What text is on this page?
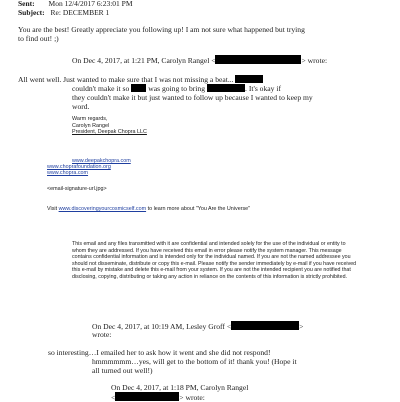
Sent: Mon 12/4/2017 6:23:01 PM
Subject: Re: DECEMBER 1
You are the best! Greatly appreciate you following up! I am not sure what happened but trying
to find out! ;)
On Dec 4, 2017, at 1:21 PM, Carolyn Rangel <	> wrote:
All went well. Just wanted to make sure that I was not missing a beat...
couldn't make it so	was going to bring	. It's okay if
they couldn't make it but just wanted to follow up because I wanted to keep my
word.
Warm regards,
Carolyn Rangel
President, Deepak Chopra LLC
www.deepakchopra.com
www.choprafoundation.org
www.chopra.com
<email-signature-url.jpg>
Visit www.discoveringyourcosmicself.com to learn more about "You Are the Universe"
This email and any files transmitted with it are confidential and intended solely for the use of the individual or entity to whom they are addressed. If you have received this email in error please notify the system manager. This message contains confidential information and is intended only for the individual named. If you are not the named addressee you should not disseminate, distribute or copy this e-mail. Please notify the sender immediately by e-mail if you have received this e-mail by mistake and delete this e-mail from your system. If you are not the intended recipient you are notified that disclosing, copying, distributing or taking any action in reliance on the contents of this information is strictly prohibited.
On Dec 4, 2017, at 10:19 AM, Lesley Groff <	>
wrote:
so interesting…I emailed her to ask how it went and she did not respond!
hmmmmmm…yes, will get to the bottom of it! thank you! (Hope it
all turned out well!)
On Dec 4, 2017, at 1:18 PM, Carolyn Rangel
<	> wrote:
